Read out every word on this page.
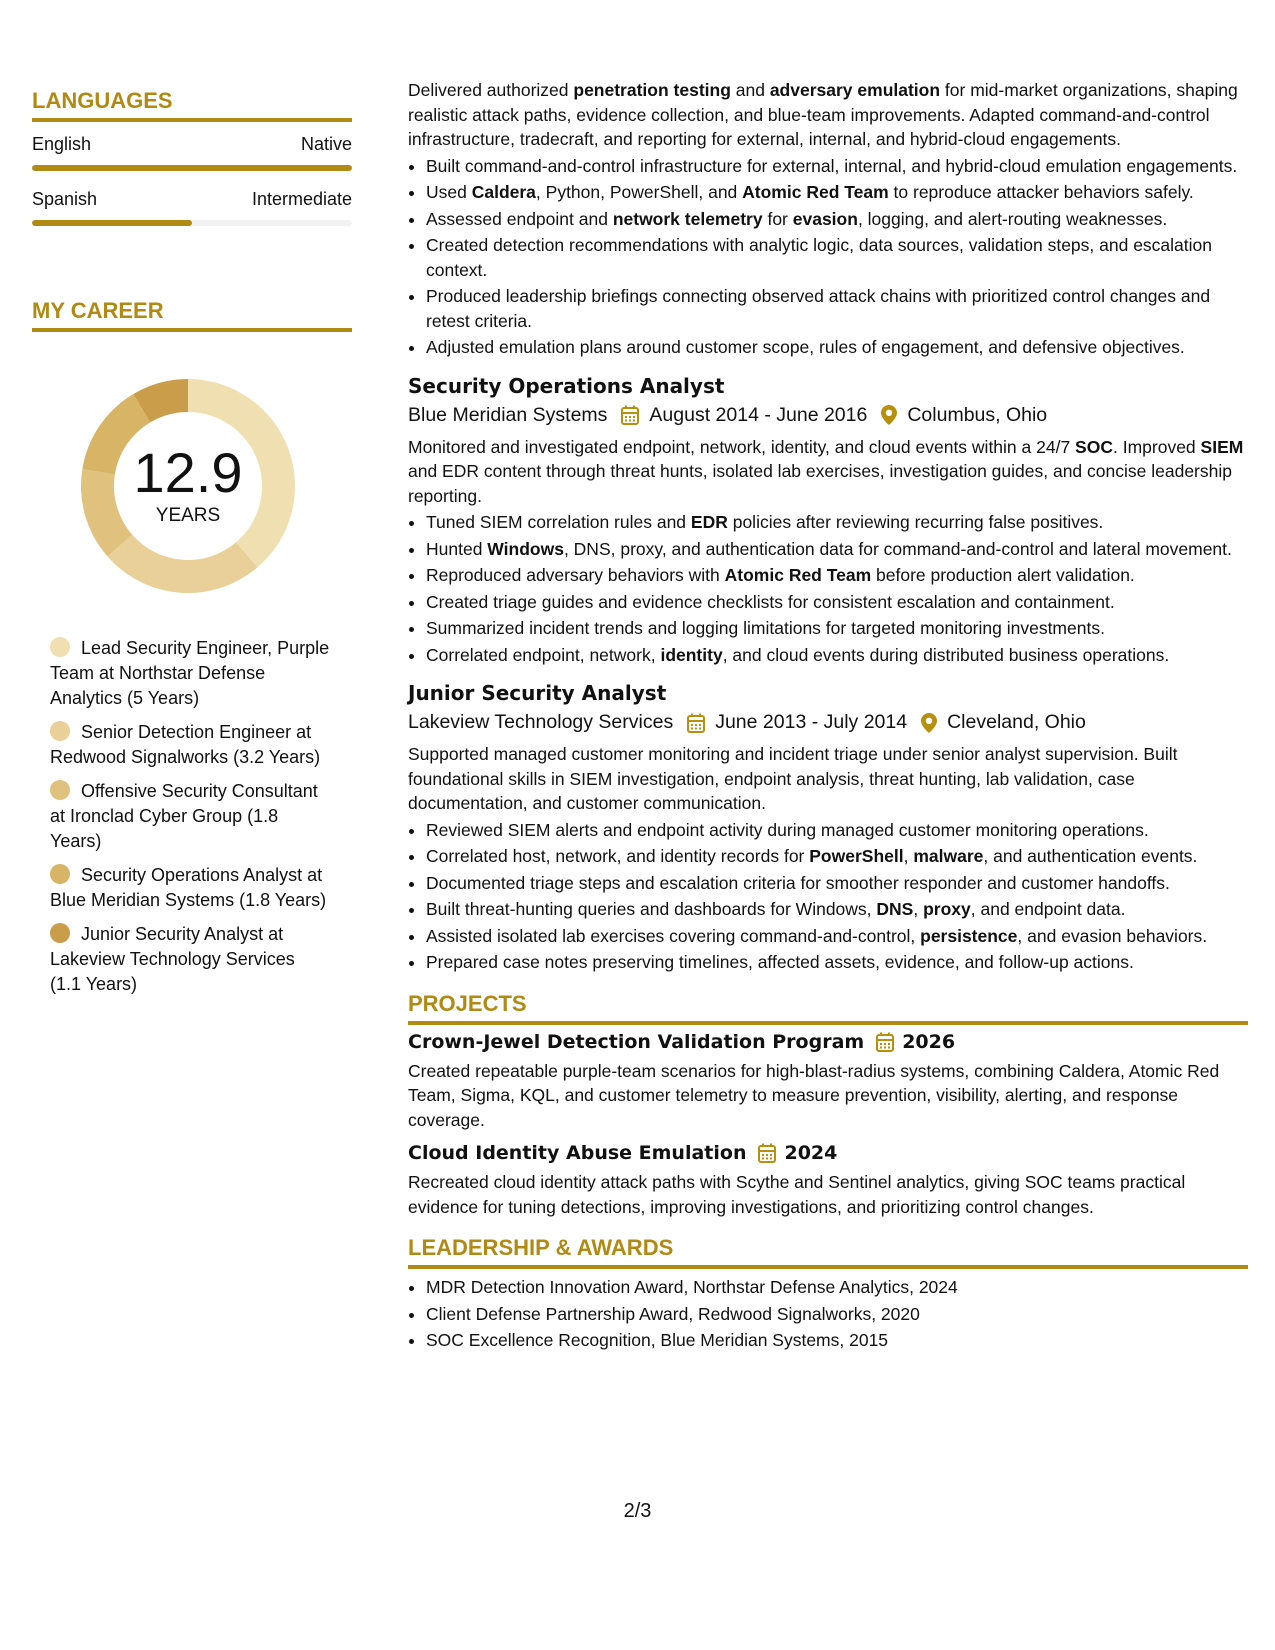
LANGUAGES
English	Native
Spanish	Intermediate
MY CAREER
12.9
YEARS
Lead Security Engineer, Purple Team at Northstar Defense Analytics (5 Years)
Senior Detection Engineer at Redwood Signalworks (3.2 Years)
Offensive Security Consultant at Ironclad Cyber Group (1.8 Years)
Security Operations Analyst at Blue Meridian Systems (1.8 Years)
Junior Security Analyst at Lakeview Technology Services (1.1 Years)

Delivered authorized penetration testing and adversary emulation for mid-market organizations, shaping realistic attack paths, evidence collection, and blue-team improvements. Adapted command-and-control infrastructure, tradecraft, and reporting for external, internal, and hybrid-cloud engagements.

• Built command-and-control infrastructure for external, internal, and hybrid-cloud emulation engagements.
• Used Caldera, Python, PowerShell, and Atomic Red Team to reproduce attacker behaviors safely.
• Assessed endpoint and network telemetry for evasion, logging, and alert-routing weaknesses.
• Created detection recommendations with analytic logic, data sources, validation steps, and escalation context.
• Produced leadership briefings connecting observed attack chains with prioritized control changes and retest criteria.
• Adjusted emulation plans around customer scope, rules of engagement, and defensive objectives.
Security Operations Analyst
Blue Meridian Systems August 2014 - June 2016 Columbus, Ohio

Monitored and investigated endpoint, network, identity, and cloud events within a 24/7 SOC. Improved SIEM and EDR content through threat hunts, isolated lab exercises, investigation guides, and concise leadership reporting.

• Tuned SIEM correlation rules and EDR policies after reviewing recurring false positives.
• Hunted Windows, DNS, proxy, and authentication data for command-and-control and lateral movement.
• Reproduced adversary behaviors with Atomic Red Team before production alert validation.
• Created triage guides and evidence checklists for consistent escalation and containment.
• Summarized incident trends and logging limitations for targeted monitoring investments.
• Correlated endpoint, network, identity, and cloud events during distributed business operations.
Junior Security Analyst
Lakeview Technology Services June 2013 - July 2014 Cleveland, Ohio

Supported managed customer monitoring and incident triage under senior analyst supervision. Built foundational skills in SIEM investigation, endpoint analysis, threat hunting, lab validation, case documentation, and customer communication.

• Reviewed SIEM alerts and endpoint activity during managed customer monitoring operations.
• Correlated host, network, and identity records for PowerShell, malware, and authentication events.
• Documented triage steps and escalation criteria for smoother responder and customer handoffs.
• Built threat-hunting queries and dashboards for Windows, DNS, proxy, and endpoint data.
• Assisted isolated lab exercises covering command-and-control, persistence, and evasion behaviors.
• Prepared case notes preserving timelines, affected assets, evidence, and follow-up actions.
PROJECTS
Crown-Jewel Detection Validation Program 2026

Created repeatable purple-team scenarios for high-blast-radius systems, combining Caldera, Atomic Red Team, Sigma, KQL, and customer telemetry to measure prevention, visibility, alerting, and response coverage.

Cloud Identity Abuse Emulation 2024

Recreated cloud identity attack paths with Scythe and Sentinel analytics, giving SOC teams practical evidence for tuning detections, improving investigations, and prioritizing control changes.

LEADERSHIP & AWARDS
• MDR Detection Innovation Award, Northstar Defense Analytics, 2024
• Client Defense Partnership Award, Redwood Signalworks, 2020
• SOC Excellence Recognition, Blue Meridian Systems, 2015
2/3
